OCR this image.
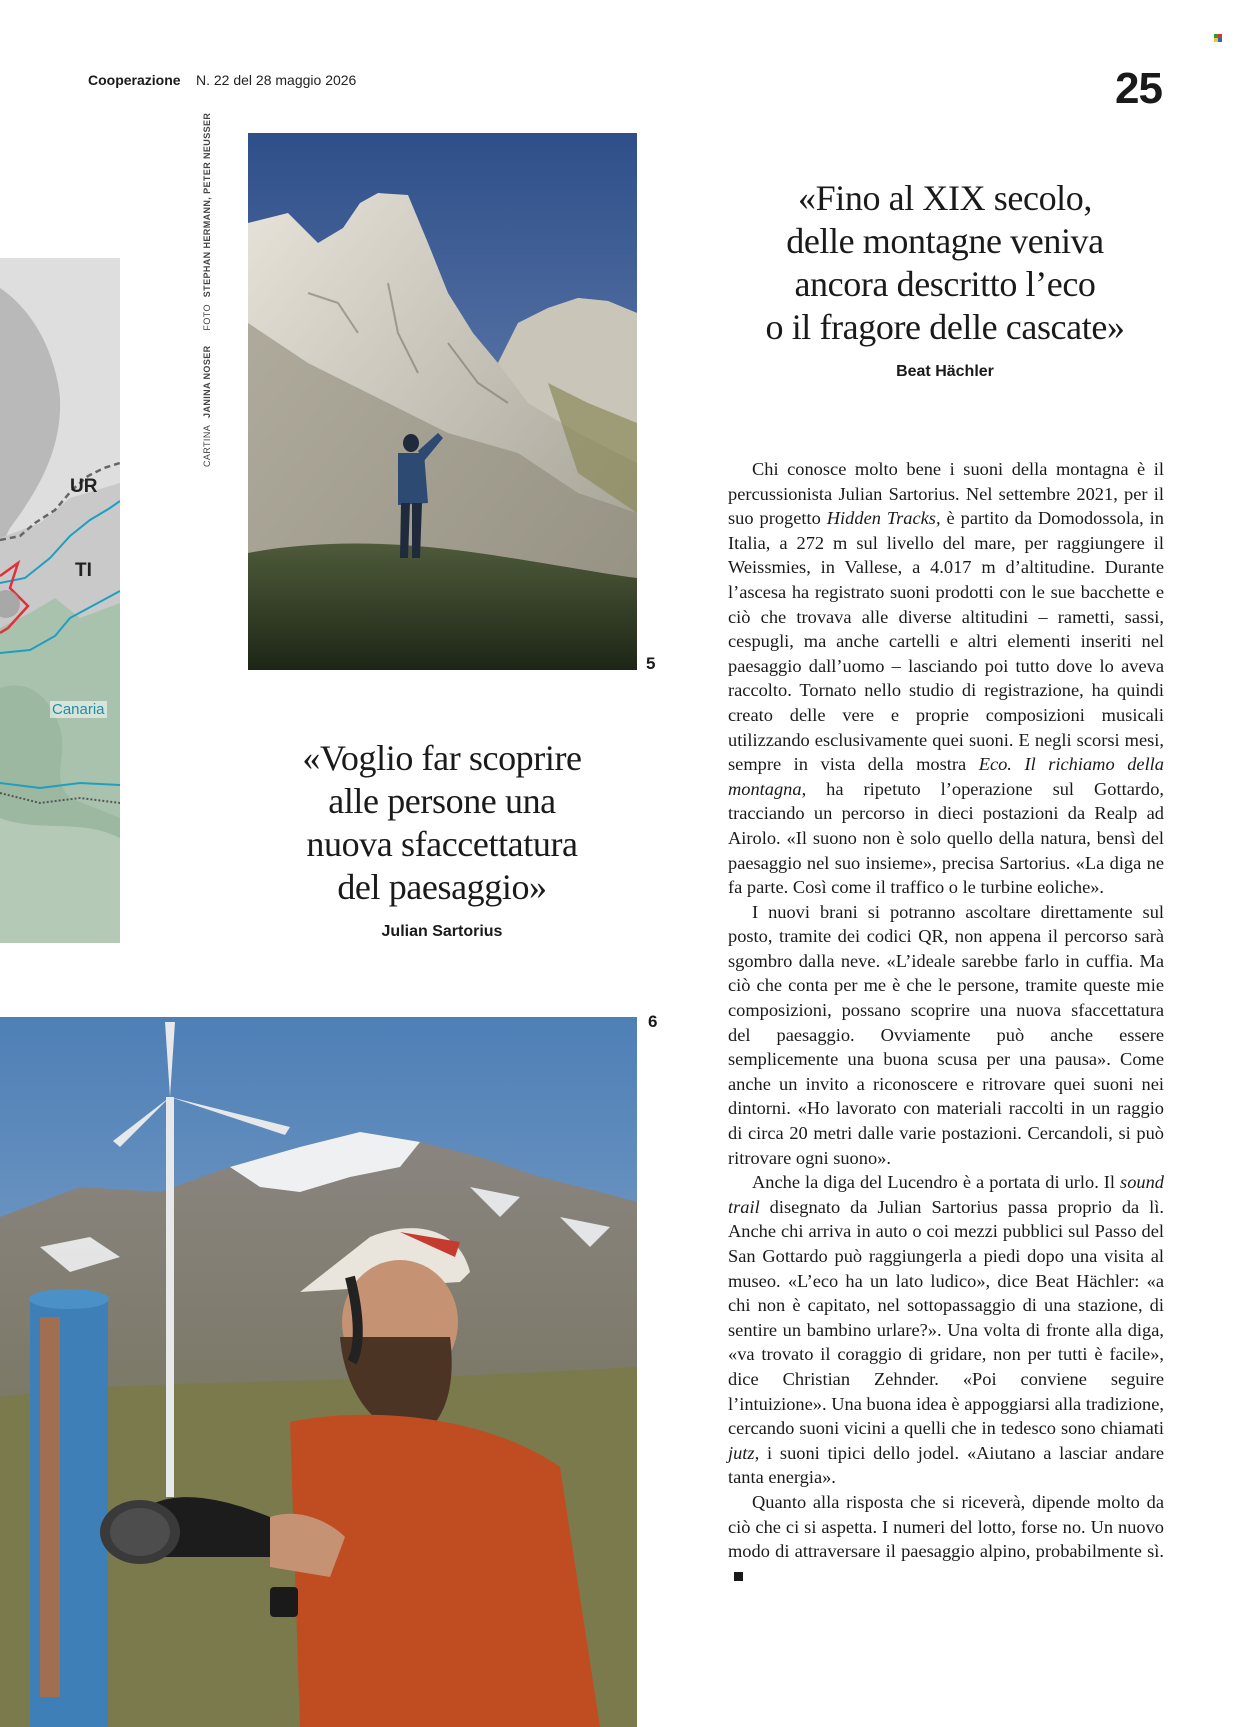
Cooperazione N. 22 del 28 maggio 2026	25
UR
TI
Canaria
CARTINA JANINA NOSER FOTO STEPHAN HERMANN, PETER NEUSSER
5
«Fino al XIX secolo,
delle montagne veniva
ancora descritto l’eco
o il fragore delle cascate»
Beat Hächler
«Voglio far scoprire
alle persone una
nuova sfaccettatura
del paesaggio»
Julian Sartorius
6

Chi conosce molto bene i suoni della montagna è il percussionista Julian Sartorius. Nel settembre 2021, per il suo progetto Hidden Tracks, è partito da Domodossola, in Italia, a 272 m sul livello del mare, per raggiungere il Weissmies, in Vallese, a 4.017 m d’altitudine. Durante l’ascesa ha registrato suoni prodotti con le sue bacchette e ciò che trovava alle diverse altitudini – rametti, sassi, cespugli, ma anche cartelli e altri elementi inseriti nel paesaggio dall’uomo – lasciando poi tutto dove lo aveva raccolto. Tornato nello studio di registrazione, ha quindi creato delle vere e proprie composizioni musicali utilizzando esclusivamente quei suoni. E negli scorsi mesi, sempre in vista della mostra Eco. Il richiamo della montagna, ha ripetuto l’operazione sul Gottardo, tracciando un percorso in dieci postazioni da Realp ad Airolo. «Il suono non è solo quello della natura, bensì del paesaggio nel suo insieme», precisa Sartorius. «La diga ne fa parte. Così come il traffico o le turbine eoliche».

I nuovi brani si potranno ascoltare direttamente sul posto, tramite dei codici QR, non appena il percorso sarà sgombro dalla neve. «L’ideale sarebbe farlo in cuffia. Ma ciò che conta per me è che le persone, tramite queste mie composizioni, possano scoprire una nuova sfaccettatura del paesaggio. Ovviamente può anche essere semplicemente una buona scusa per una pausa». Come anche un invito a riconoscere e ritrovare quei suoni nei dintorni. «Ho lavorato con materiali raccolti in un raggio di circa 20 metri dalle varie postazioni. Cercandoli, si può ritrovare ogni suono».

Anche la diga del Lucendro è a portata di urlo. Il sound trail disegnato da Julian Sartorius passa proprio da lì. Anche chi arriva in auto o coi mezzi pubblici sul Passo del San Gottardo può raggiungerla a piedi dopo una visita al museo. «L’eco ha un lato ludico», dice Beat Hächler: «a chi non è capitato, nel sottopassaggio di una stazione, di sentire un bambino urlare?». Una volta di fronte alla diga, «va trovato il coraggio di gridare, non per tutti è facile», dice Christian Zehnder. «Poi conviene seguire l’intuizione». Una buona idea è appoggiarsi alla tradizione, cercando suoni vicini a quelli che in tedesco sono chiamati jutz, i suoni tipici dello jodel. «Aiutano a lasciar andare tanta energia».

Quanto alla risposta che si riceverà, dipende molto da ciò che ci si aspetta. I numeri del lotto, forse no. Un nuovo modo di attraversare il paesaggio alpino, probabilmente sì.
